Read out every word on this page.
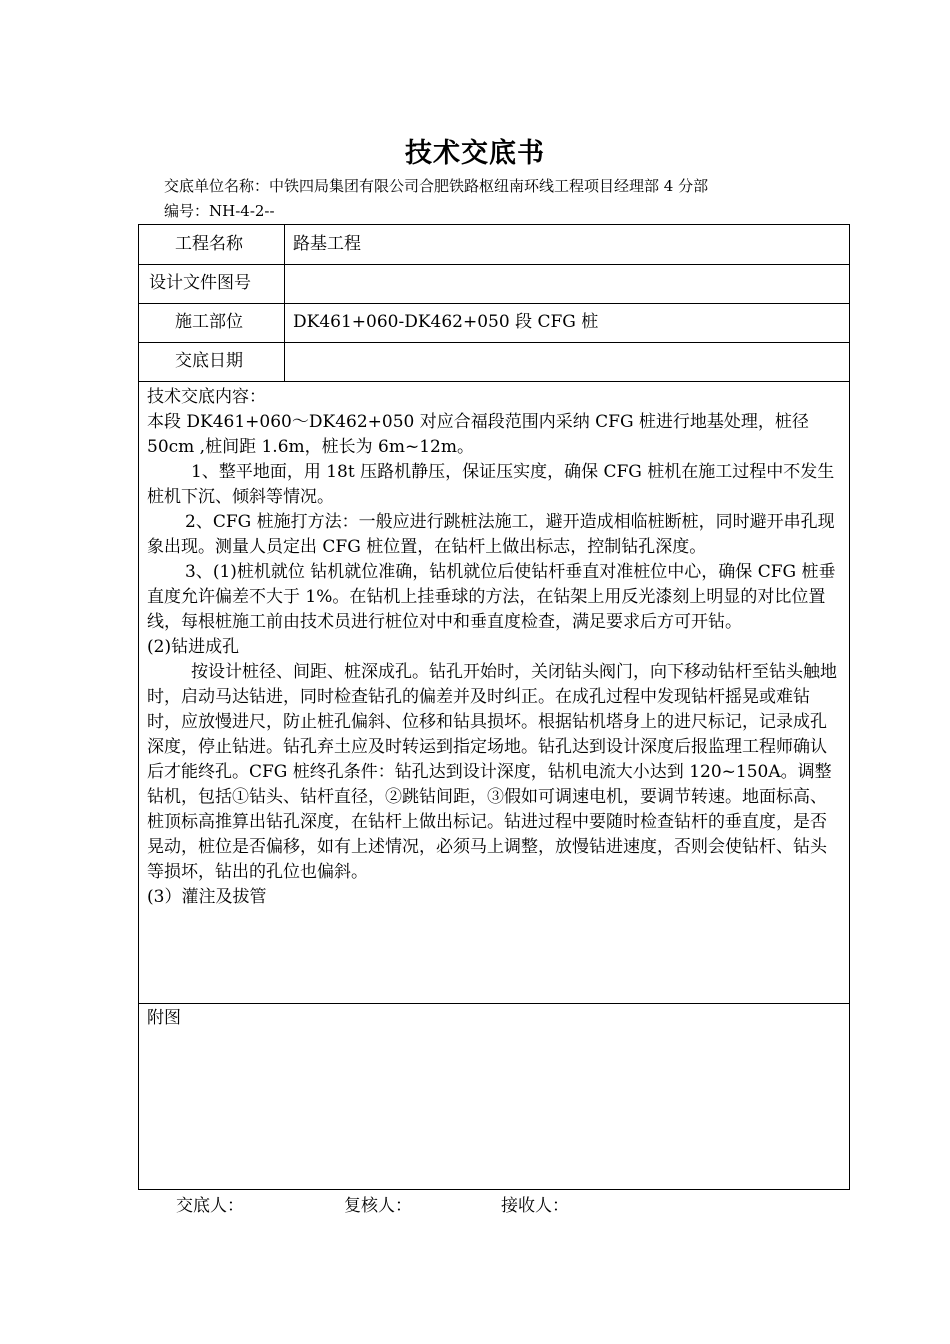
技术交底书
交底单位名称：中铁四局集团有限公司合肥铁路枢纽南环线工程项目经理部 4 分部
编号：NH-4-2--
工程名称	路基工程
设计文件图号
施工部位	DK461+060-DK462+050 段 CFG 桩
交底日期

技术交底内容：

本段 DK461+060～DK462+050 对应合福段范围内采纳 CFG 桩进行地基处理，桩径 50cm ,桩间距 1.6m，桩长为 6m~12m。

1、整平地面，用 18t 压路机静压，保证压实度，确保 CFG 桩机在施工过程中不发生桩机下沉、倾斜等情况。

2、CFG 桩施打方法：一般应进行跳桩法施工，避开造成相临桩断桩，同时避开串孔现象出现。测量人员定出 CFG 桩位置，在钻杆上做出标志，控制钻孔深度。

3、(1)桩机就位 钻机就位准确，钻机就位后使钻杆垂直对准桩位中心，确保 CFG 桩垂直度允许偏差不大于 1%。在钻机上挂垂球的方法，在钻架上用反光漆刻上明显的对比位置线，每根桩施工前由技术员进行桩位对中和垂直度检查，满足要求后方可开钻。

(2)钻进成孔

按设计桩径、间距、桩深成孔。钻孔开始时，关闭钻头阀门，向下移动钻杆至钻头触地时，启动马达钻进，同时检查钻孔的偏差并及时纠正。在成孔过程中发现钻杆摇晃或难钻时，应放慢进尺，防止桩孔偏斜、位移和钻具损坏。根据钻机塔身上的进尺标记，记录成孔深度，停止钻进。钻孔弃土应及时转运到指定场地。钻孔达到设计深度后报监理工程师确认后才能终孔。CFG 桩终孔条件：钻孔达到设计深度，钻机电流大小达到 120~150A。调整钻机，包括①钻头、钻杆直径，②跳钻间距，③假如可调速电机，要调节转速。地面标高、桩顶标高推算出钻孔深度，在钻杆上做出标记。钻进过程中要随时检查钻杆的垂直度，是否晃动，桩位是否偏移，如有上述情况，必须马上调整，放慢钻进速度，否则会使钻杆、钻头等损坏，钻出的孔位也偏斜。

(3）灌注及拔管

附图
交底人：	复核人：	接收人：
